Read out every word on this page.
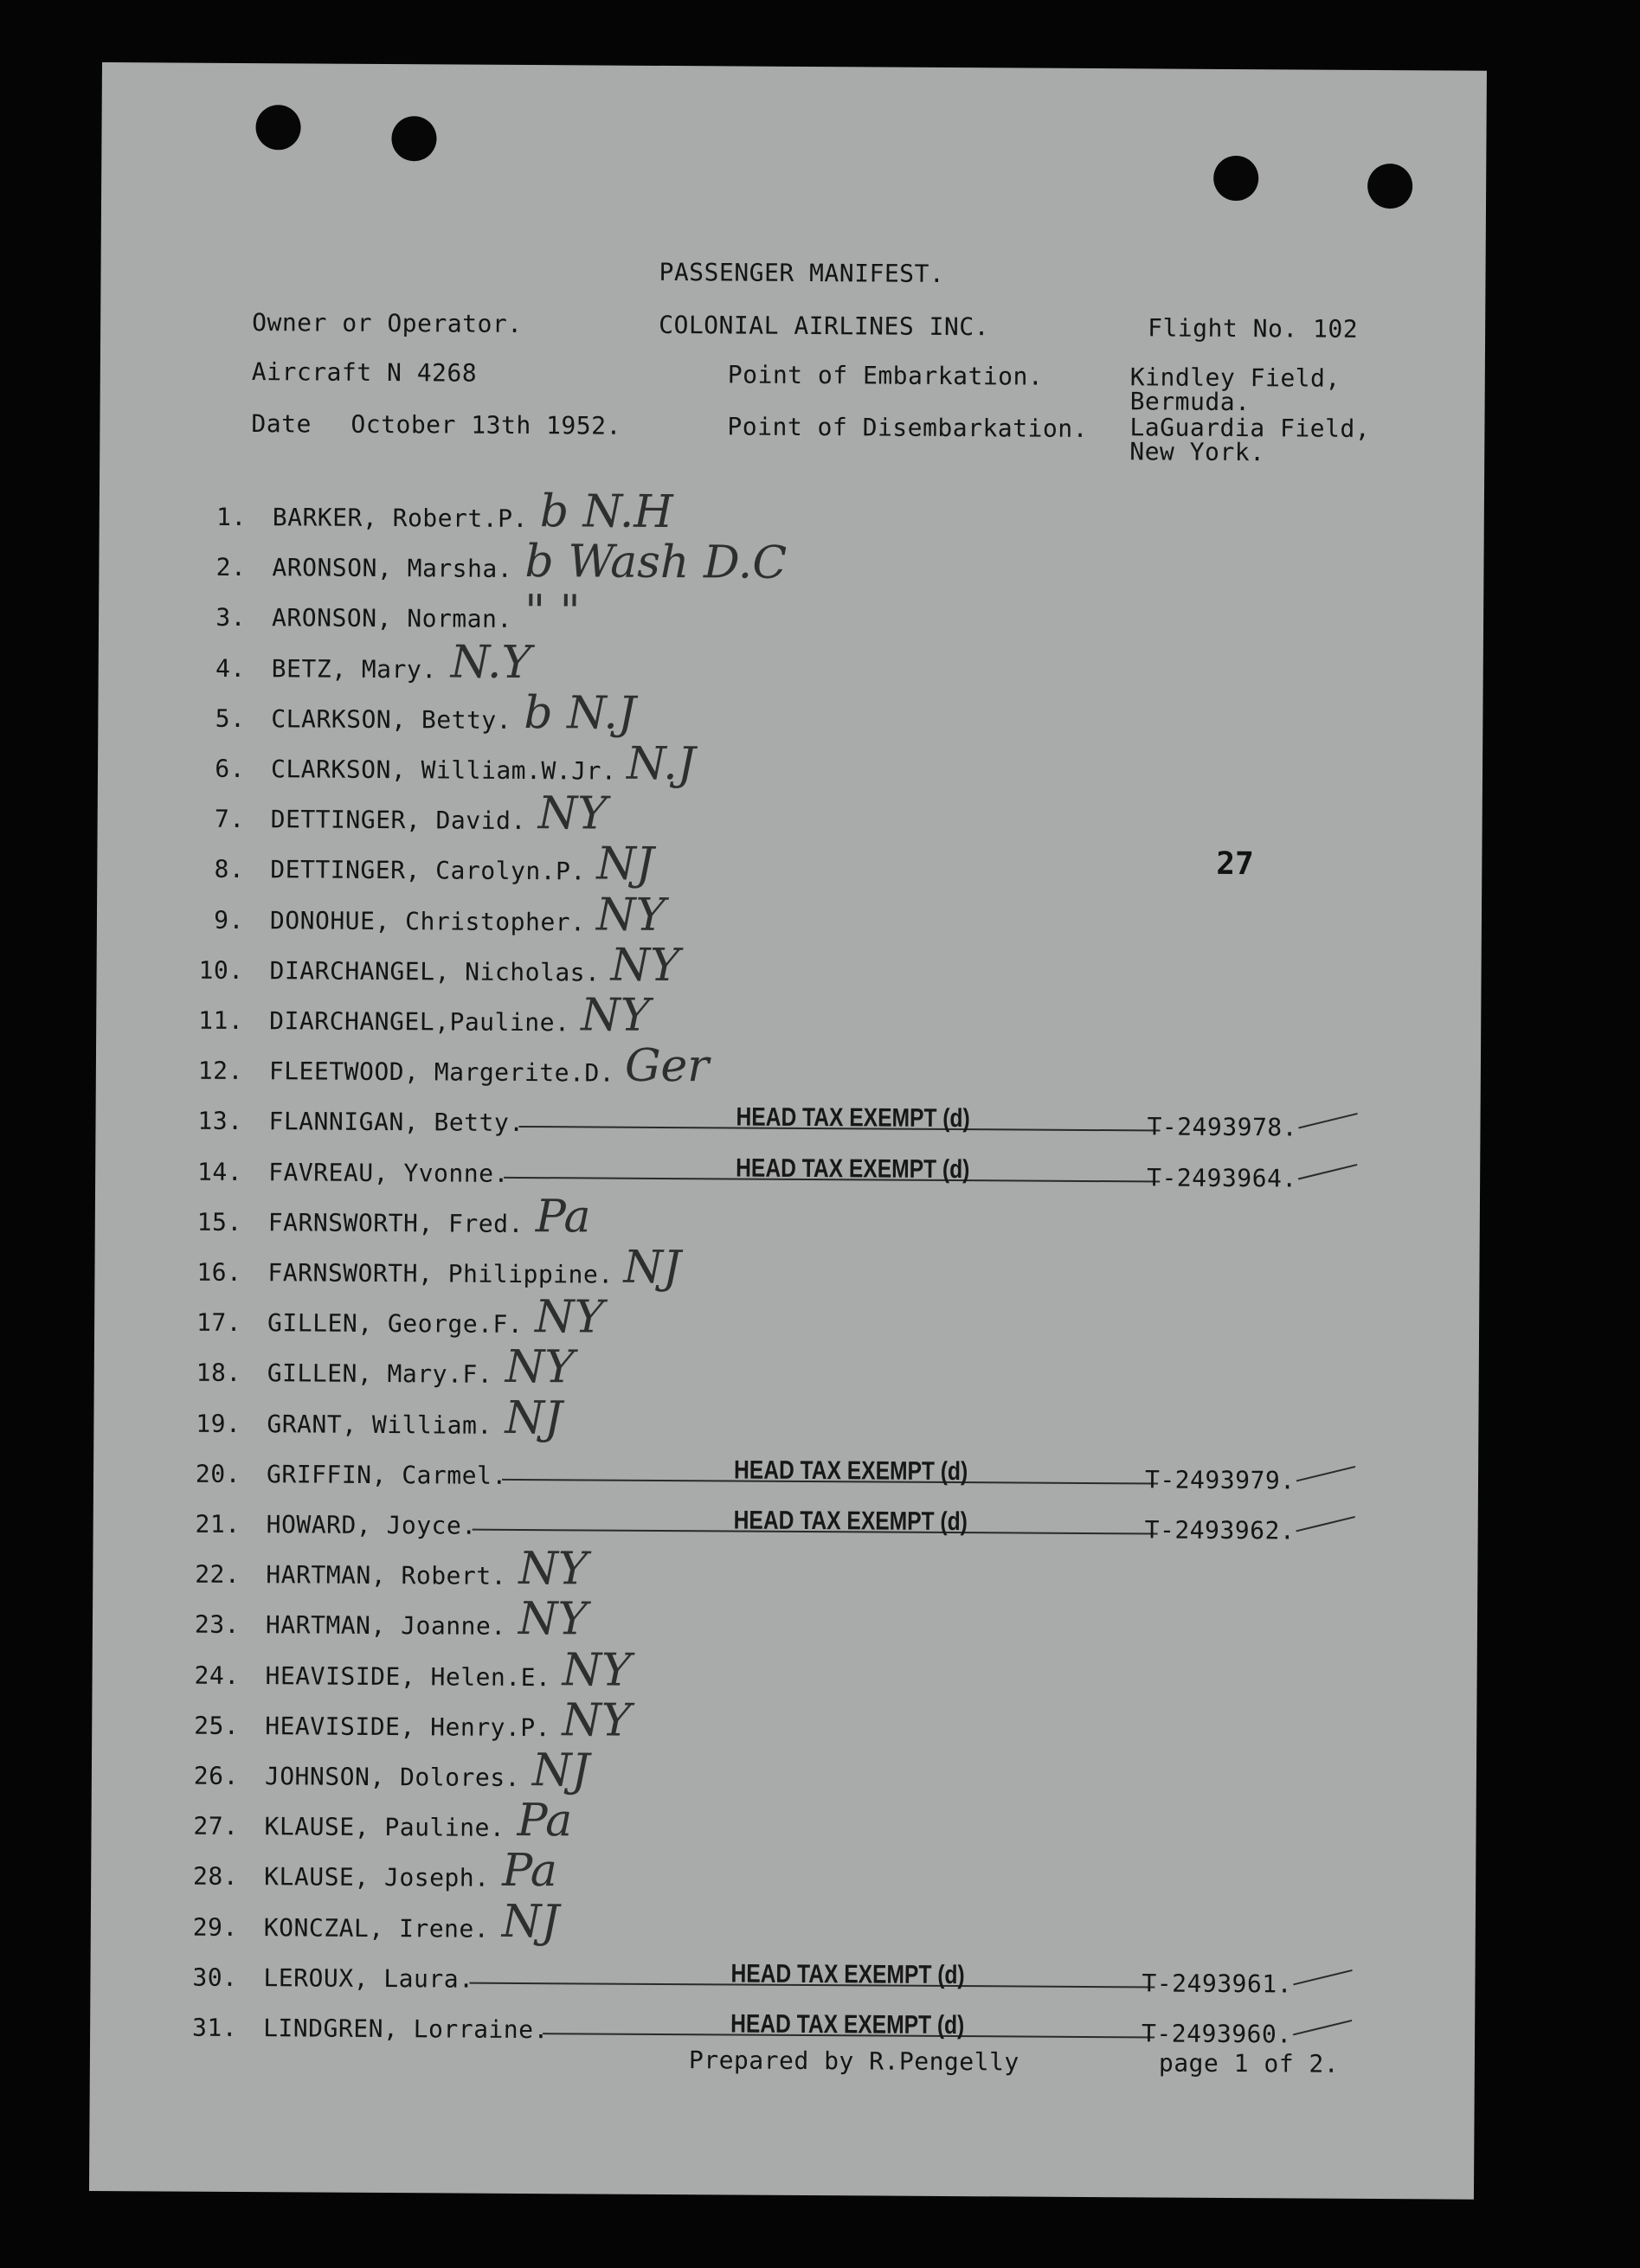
PASSENGER MANIFEST.
Owner or Operator.	COLONIAL AIRLINES INC.	Flight No. 102
Aircraft N 4268	Point of Embarkation.	Kindley Field,
Bermuda.
Date October 13th 1952.	Point of Disembarkation. LaGuardia Field,
New York.
27
1. BARKER, Robert.P. b N.H
2. ARONSON, Marsha. b Wash D.C
3. ARONSON, Norman. " "
4. BETZ, Mary. N.Y
5. CLARKSON, Betty. b N.J
6. CLARKSON, William.W.Jr. N.J
7. DETTINGER, David. NY
8. DETTINGER, Carolyn.P. NJ
9. DONOHUE, Christopher. NY
10. DIARCHANGEL, Nicholas. NY
11. DIARCHANGEL,Pauline. NY
12. FLEETWOOD, Margerite.D. Ger
13. FLANNIGAN, Betty.	HEAD TAX EXEMPT (d)	T-2493978.
14. FAVREAU, Yvonne.	HEAD TAX EXEMPT (d)	T-2493964.
15. FARNSWORTH, Fred. Pa
16. FARNSWORTH, Philippine. NJ
17. GILLEN, George.F. NY
18. GILLEN, Mary.F. NY
19. GRANT, William. NJ
20. GRIFFIN, Carmel.	HEAD TAX EXEMPT (d)	T-2493979.
21. HOWARD, Joyce.	HEAD TAX EXEMPT (d)	T-2493962.
22. HARTMAN, Robert. NY
23. HARTMAN, Joanne. NY
24. HEAVISIDE, Helen.E. NY
25. HEAVISIDE, Henry.P. NY
26. JOHNSON, Dolores. NJ
27. KLAUSE, Pauline. Pa
28. KLAUSE, Joseph. Pa
29. KONCZAL, Irene. NJ
30. LEROUX, Laura.	HEAD TAX EXEMPT (d)	T-2493961.
31. LINDGREN, Lorraine.	HEAD TAX EXEMPT (d)	T-2493960.
Prepared by R.Pengelly	page 1 of 2.
